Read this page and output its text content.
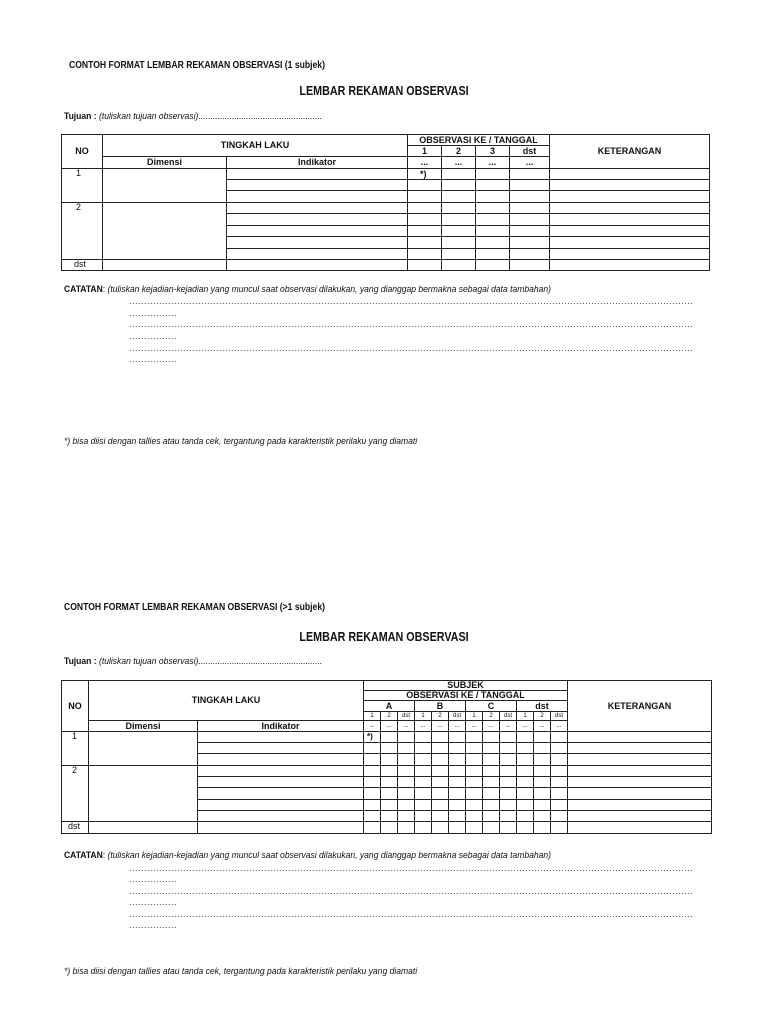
CONTOH FORMAT LEMBAR REKAMAN OBSERVASI (1 subjek)
LEMBAR REKAMAN OBSERVASI
Tujuan : (tuliskan tujuan observasi)....................................................
NO	TINGKAH LAKU		OBSERVASI KE / TANGGAL				KETERANGAN
			1	2	3	dst	
	Dimensi	Indikator	...	...	...	...	
1			*)				

2							

dst							
CATATAN: (tuliskan kejadian-kejadian yang muncul saat observasi dilakukan, yang dianggap bermakna sebagai data tambahan)
............................................................................................................................................................................................
................
............................................................................................................................................................................................
................
............................................................................................................................................................................................
................
*) bisa diisi dengan tallies atau tanda cek, tergantung pada karakteristik perilaku yang diamati
CONTOH FORMAT LEMBAR REKAMAN OBSERVASI (>1 subjek)
LEMBAR REKAMAN OBSERVASI
Tujuan : (tuliskan tujuan observasi)....................................................
NO	TINGKAH LAKU		SUBJEK												KETERANGAN
			OBSERVASI KE / TANGGAL												
			A			B			C			dst			
			1	2	dst	1	2	dst	1	2	dst	1	2	dst	
	Dimensi	Indikator	...	...	...	...	...	...	...	...	...	...	...	...	
1			*)												

2															

dst															
CATATAN: (tuliskan kejadian-kejadian yang muncul saat observasi dilakukan, yang dianggap bermakna sebagai data tambahan)
............................................................................................................................................................................................
................
............................................................................................................................................................................................
................
............................................................................................................................................................................................
................
*) bisa diisi dengan tallies atau tanda cek, tergantung pada karakteristik perilaku yang diamati
